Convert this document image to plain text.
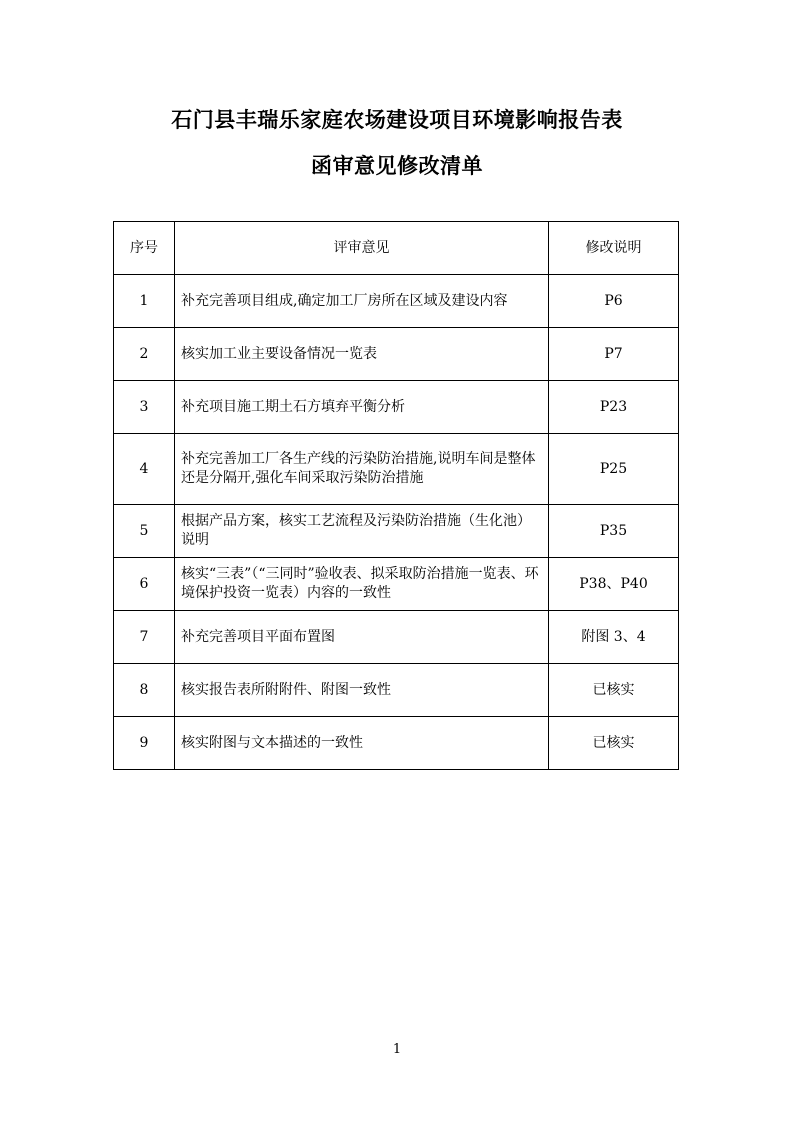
石门县丰瑞乐家庭农场建设项目环境影响报告表
函审意见修改清单
序号	评审意见	修改说明
1	补充完善项目组成,确定加工厂房所在区域及建设内容	P6
2	核实加工业主要设备情况一览表	P7
3	补充项目施工期土石方填弃平衡分析	P23
4	补充完善加工厂各生产线的污染防治措施,说明车间是整体还是分隔开,强化车间采取污染防治措施	P25
5	根据产品方案，核实工艺流程及污染防治措施（生化池）说明	P35
6	核实“三表”（“三同时”验收表、拟采取防治措施一览表、环境保护投资一览表）内容的一致性	P38、P40
7	补充完善项目平面布置图	附图 3、4
8	核实报告表所附附件、附图一致性	已核实
9	核实附图与文本描述的一致性	已核实
1
